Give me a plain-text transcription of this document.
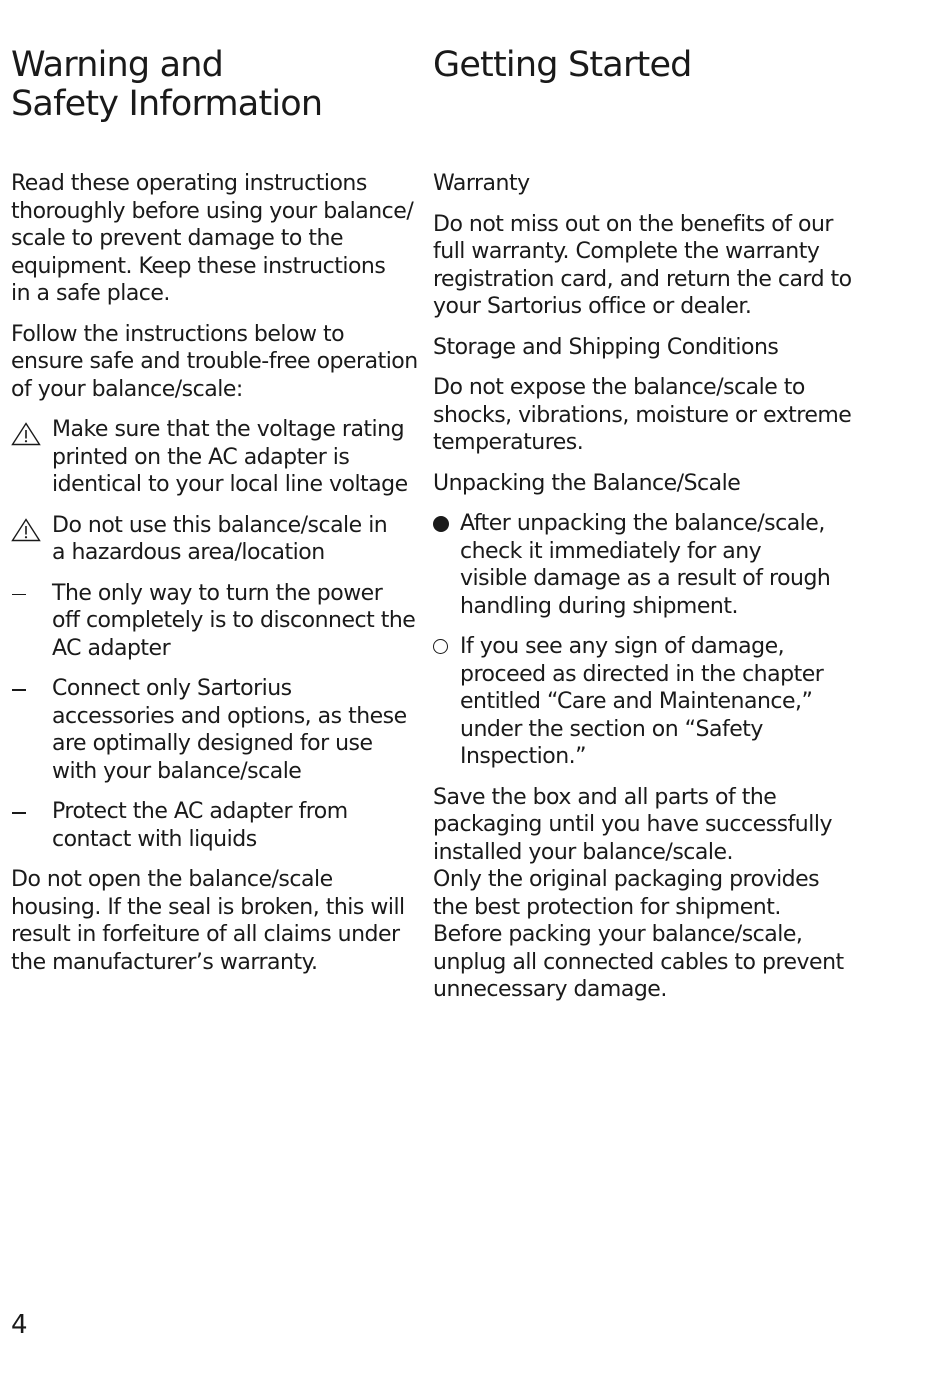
Warning and
Safety Information

Read these operating instructions
thoroughly before using your balance/
scale to prevent damage to the
equipment. Keep these instructions
in a safe place.

Follow the instructions below to
ensure safe and trouble-free operation
of your balance/scale:

Make sure that the voltage rating
printed on the AC adapter is
identical to your local line voltage
Do not use this balance/scale in
a hazardous area/location
The only way to turn the power
off completely is to disconnect the
AC adapter
Connect only Sartorius
accessories and options, as these
are optimally designed for use
with your balance/scale
Protect the AC adapter from
contact with liquids

Do not open the balance/scale
housing. If the seal is broken, this will
result in forfeiture of all claims under
the manufacturer’s warranty.

Getting Started
Warranty

Do not miss out on the benefits of our
full warranty. Complete the warranty
registration card, and return the card to
your Sartorius office or dealer.

Storage and Shipping Conditions

Do not expose the balance/scale to
shocks, vibrations, moisture or extreme
temperatures.

Unpacking the Balance/Scale
After unpacking the balance/scale,
check it immediately for any
visible damage as a result of rough
handling during shipment.
If you see any sign of damage,
proceed as directed in the chapter
entitled “Care and Maintenance,”
under the section on “Safety
Inspection.”

Save the box and all parts of the
packaging until you have successfully
installed your balance/scale.
Only the original packaging provides
the best protection for shipment.
Before packing your balance/scale,
unplug all connected cables to prevent
unnecessary damage.

4
